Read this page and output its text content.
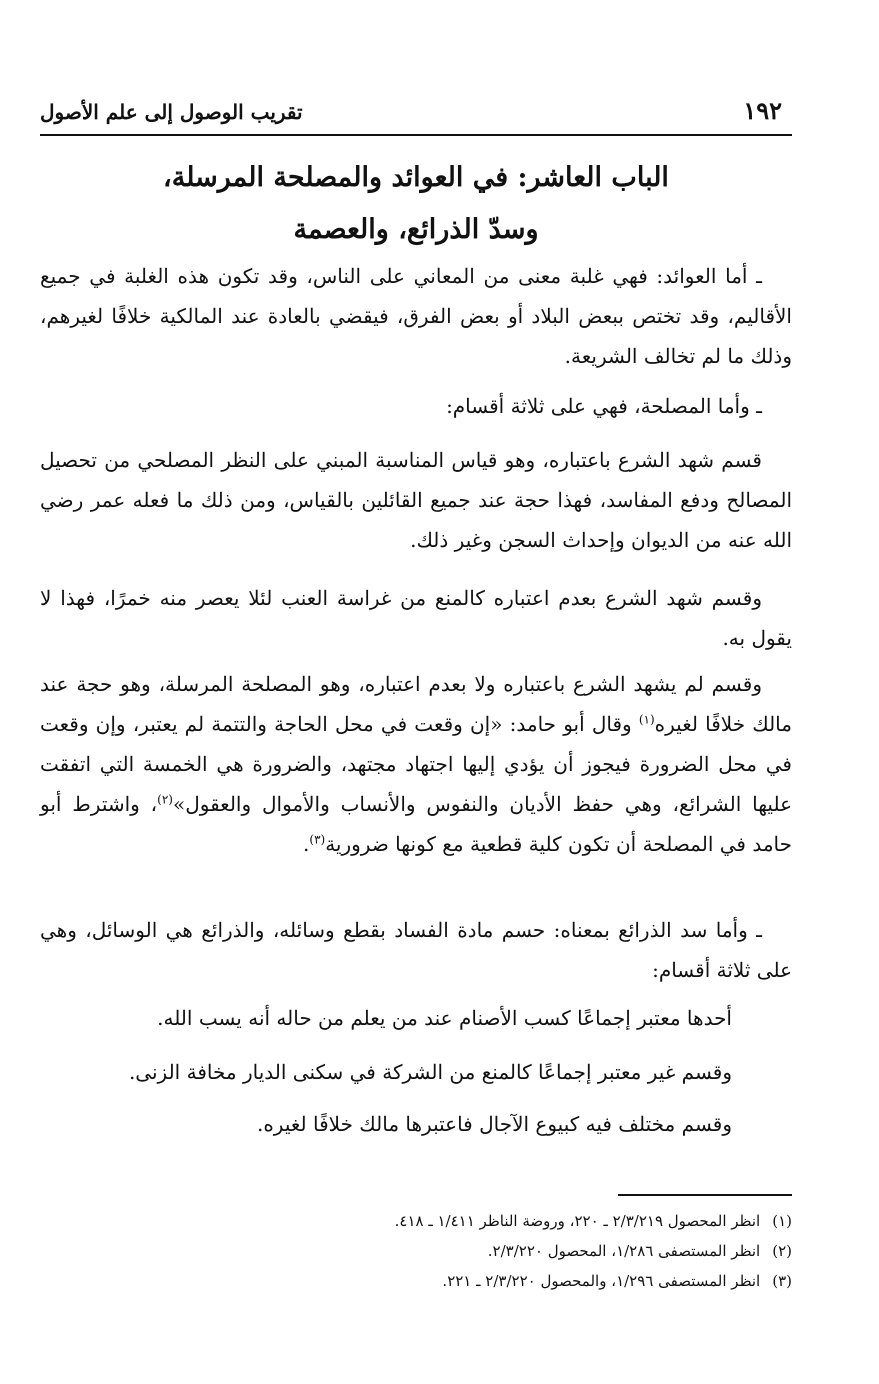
١٩٢
تقريب الوصول إلى علم الأصول
الباب العاشر: في العوائد والمصلحة المرسلة،
وسدّ الذرائع، والعصمة

ـ أما العوائد: فهي غلبة معنى من المعاني على الناس، وقد تكون هذه الغلبة في جميع الأقاليم، وقد تختص ببعض البلاد أو بعض الفرق، فيقضي بالعادة عند المالكية خلافًا لغيرهم، وذلك ما لم تخالف الشريعة.

ـ وأما المصلحة، فهي على ثلاثة أقسام:

قسم شهد الشرع باعتباره، وهو قياس المناسبة المبني على النظر المصلحي من تحصيل المصالح ودفع المفاسد، فهذا حجة عند جميع القائلين بالقياس، ومن ذلك ما فعله عمر رضي الله عنه من الديوان وإحداث السجن وغير ذلك.

وقسم شهد الشرع بعدم اعتباره كالمنع من غراسة العنب لئلا يعصر منه خمرًا، فهذا لا يقول به.

وقسم لم يشهد الشرع باعتباره ولا بعدم اعتباره، وهو المصلحة المرسلة، وهو حجة عند مالك خلافًا لغيره$^{(١)}$ وقال أبو حامد: «إن وقعت في محل الحاجة والتتمة لم يعتبر، وإن وقعت في محل الضرورة فيجوز أن يؤدي إليها اجتهاد مجتهد، والضرورة هي الخمسة التي اتفقت عليها الشرائع، وهي حفظ الأديان والنفوس والأنساب والأموال والعقول»$^{(٢)}$، واشترط أبو حامد في المصلحة أن تكون كلية قطعية مع كونها ضرورية$^{(٣)}$.

ـ وأما سد الذرائع بمعناه: حسم مادة الفساد بقطع وسائله، والذرائع هي الوسائل، وهي على ثلاثة أقسام:

أحدها معتبر إجماعًا كسب الأصنام عند من يعلم من حاله أنه يسب الله.

وقسم غير معتبر إجماعًا كالمنع من الشركة في سكنى الديار مخافة الزنى.

وقسم مختلف فيه كبيوع الآجال فاعتبرها مالك خلافًا لغيره.

(١)انظر المحصول ٢/٣/٢١٩ ـ ٢٢٠، وروضة الناظر ١/٤١١ ـ ٤١٨.

(٢)انظر المستصفى ١/٢٨٦، المحصول ٢/٣/٢٢٠.

(٣)انظر المستصفى ١/٢٩٦، والمحصول ٢/٣/٢٢٠ ـ ٢٢١.
